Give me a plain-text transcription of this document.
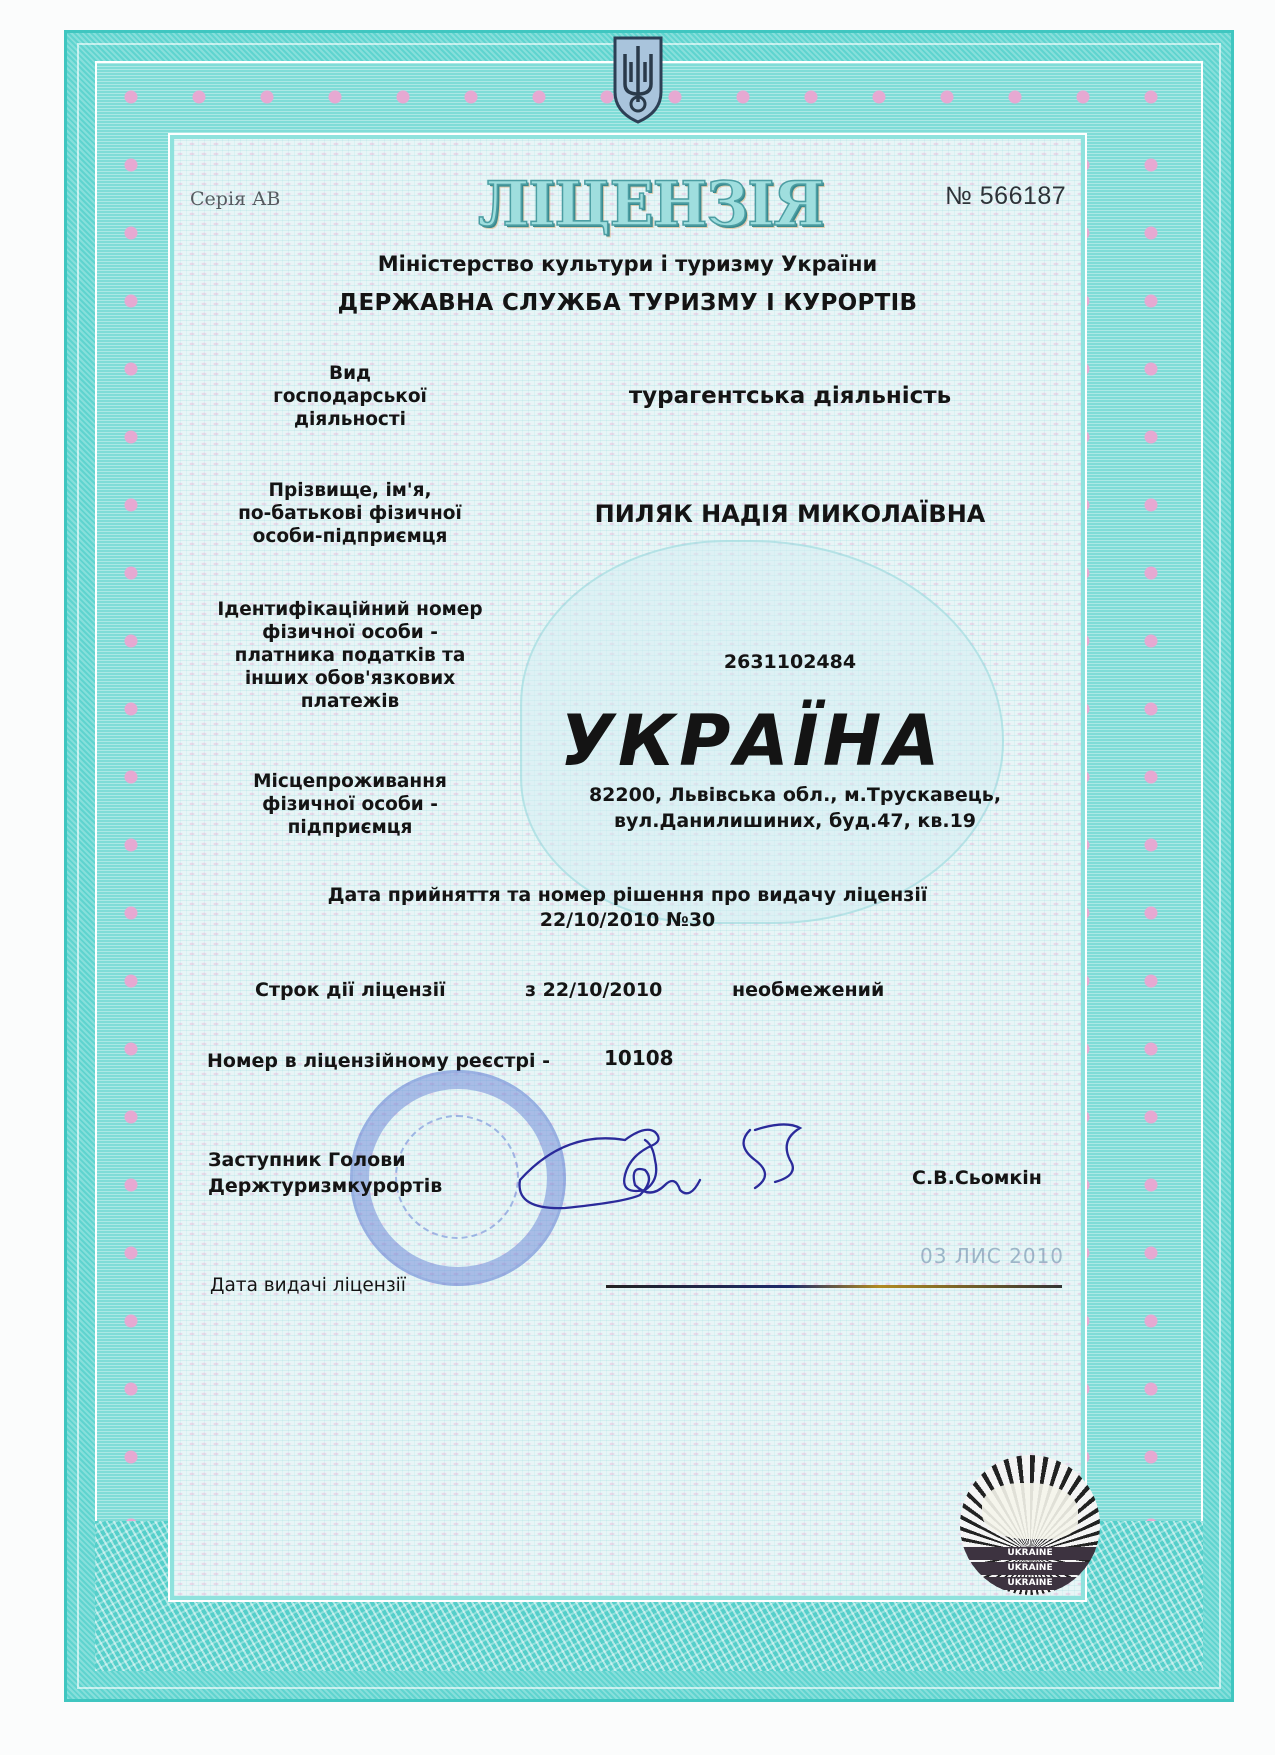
УКРАЇНА
Серія АВ	ЛІЦЕНЗІЯ	№ 566187
Міністерство культури і туризму України
ДЕРЖАВНА СЛУЖБА ТУРИЗМУ І КУРОРТІВ
Вид
господарської
діяльності
турагентська діяльність
Прізвище, ім'я,
по-батькові фізичної
особи-підприємця
ПИЛЯК НАДІЯ МИКОЛАЇВНА
Ідентифікаційний номер
фізичної особи -
платника податків та
інших обов'язкових
платежів
2631102484
Місцепроживання
фізичної особи -
підприємця
82200, Львівська обл., м.Трускавець,
вул.Данилишиних, буд.47, кв.19
Дата прийняття та номер рішення про видачу ліцензії
22/10/2010 №30
Строк дії ліцензії	з 22/10/2010	необмежений
Номер в ліцензійному реєстрі -	10108
Заступник Голови
Держтуризмкурортів	С.В.Сьомкін
03 ЛИС 2010
Дата видачі ліцензії
UKRAINE
UKRAINE
UKRAINE
